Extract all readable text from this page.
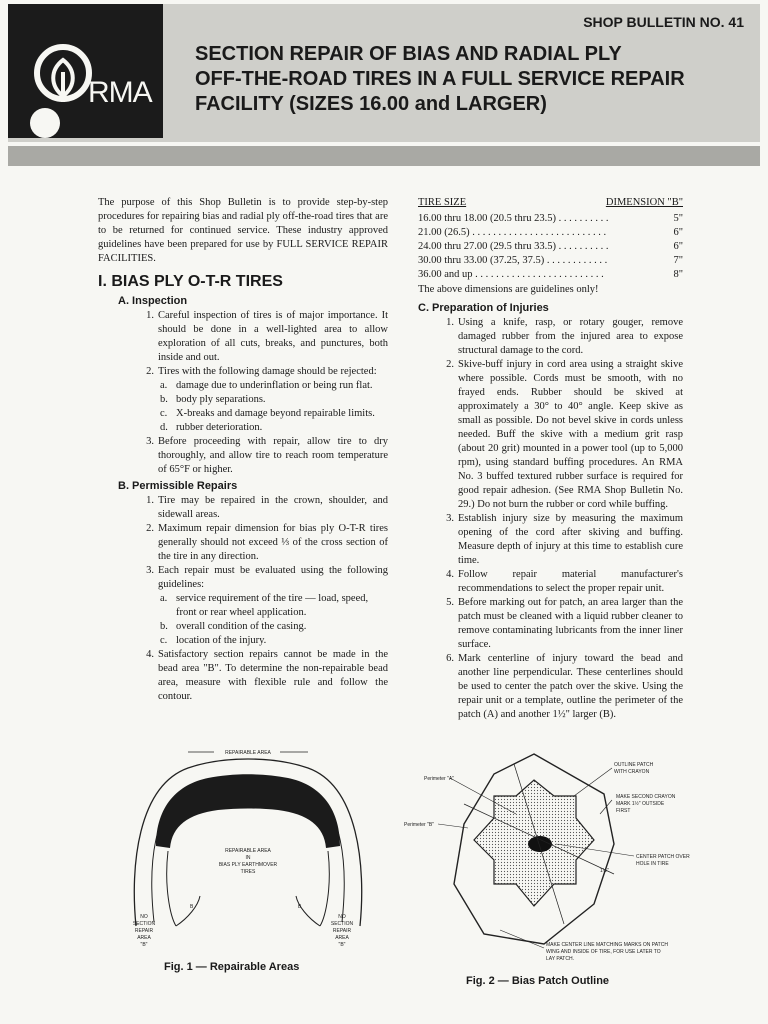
RMA
SHOP BULLETIN NO. 41
SECTION REPAIR OF BIAS AND RADIAL PLY
OFF-THE-ROAD TIRES IN A FULL SERVICE REPAIR
FACILITY (SIZES 16.00 and LARGER)

The purpose of this Shop Bulletin is to provide step-by-step procedures for repairing bias and radial ply off-the-road tires that are to be returned for continued service. These industry approved guidelines have been prepared for use by FULL SERVICE REPAIR FACILITIES.

I. BIAS PLY O-T-R TIRES
A. Inspection
1. Careful inspection of tires is of major importance. It should be done in a well-lighted area to allow exploration of all cuts, breaks, and punctures, both inside and out.
2. Tires with the following damage should be rejected:
a. damage due to underinflation or being run flat.
b. body ply separations.
c. X-breaks and damage beyond repairable limits.
d. rubber deterioration.
3. Before proceeding with repair, allow tire to dry thoroughly, and allow tire to reach room temperature of 65°F or higher.
B. Permissible Repairs
1. Tire may be repaired in the crown, shoulder, and sidewall areas.
2. Maximum repair dimension for bias ply O-T-R tires generally should not exceed ⅓ of the cross section of the tire in any direction.
3. Each repair must be evaluated using the following guidelines:
a. service requirement of the tire — load, speed, front or rear wheel application.
b. overall condition of the casing.
c. location of the injury.
4. Satisfactory section repairs cannot be made in the bead area "B". To determine the non-repairable bead area, measure with flexible rule and follow the contour.
TIRE SIZE	DIMENSION "B"
16.00 thru 18.00 (20.5 thru 23.5) . . . . . . . . . .	5"
21.00 (26.5) . . . . . . . . . . . . . . . . . . . . . . . . . .	6"
24.00 thru 27.00 (29.5 thru 33.5) . . . . . . . . . .	6"
30.00 thru 33.00 (37.25, 37.5) . . . . . . . . . . . .	7"
36.00 and up . . . . . . . . . . . . . . . . . . . . . . . . .	8"
The above dimensions are guidelines only!
C. Preparation of Injuries
1. Using a knife, rasp, or rotary gouger, remove damaged rubber from the injured area to expose structural damage to the cord.
2. Skive-buff injury in cord area using a straight skive where possible. Cords must be smooth, with no frayed ends. Rubber should be skived at approximately a 30° to 40° angle. Keep skive as small as possible. Do not bevel skive in cords unless needed. Buff the skive with a medium grit rasp (about 20 grit) mounted in a power tool (up to 5,000 rpm), using standard buffing procedures. An RMA No. 3 buffed textured rubber surface is required for good repair adhesion. (See RMA Shop Bulletin No. 29.) Do not burn the rubber or cord while buffing.
3. Establish injury size by measuring the maximum opening of the cord after skiving and buffing. Measure depth of injury at this time to establish cure time.
4. Follow repair material manufacturer's recommendations to select the proper repair unit.
5. Before marking out for patch, an area larger than the patch must be cleaned with a liquid rubber cleaner to remove contaminating lubricants from the inner liner surface.
6. Mark centerline of injury toward the bead and another line perpendicular. These centerlines should be used to center the patch over the skive. Using the repair unit or a template, outline the perimeter of the patch (A) and another 1½" larger (B).
REPAIRABLE AREA
REPAIRABLE AREA
IN
BIAS PLY EARTHMOVER
TIRES
B	B
NO
SECTION
REPAIR
AREA
"B"
NO
SECTION
REPAIR
AREA
"B"
Fig. 1 — Repairable Areas
Perimeter "A"
Perimeter "B"
OUTLINE PATCH
WITH CRAYON
MAKE SECOND CRAYON
MARK 1½" OUTSIDE
FIRST
CENTER PATCH OVER
HOLE IN TIRE
1½"
MAKE CENTER LINE MATCHING MARKS ON PATCH
WING AND INSIDE OF TIRE, FOR USE LATER TO
LAY PATCH.
Fig. 2 — Bias Patch Outline
